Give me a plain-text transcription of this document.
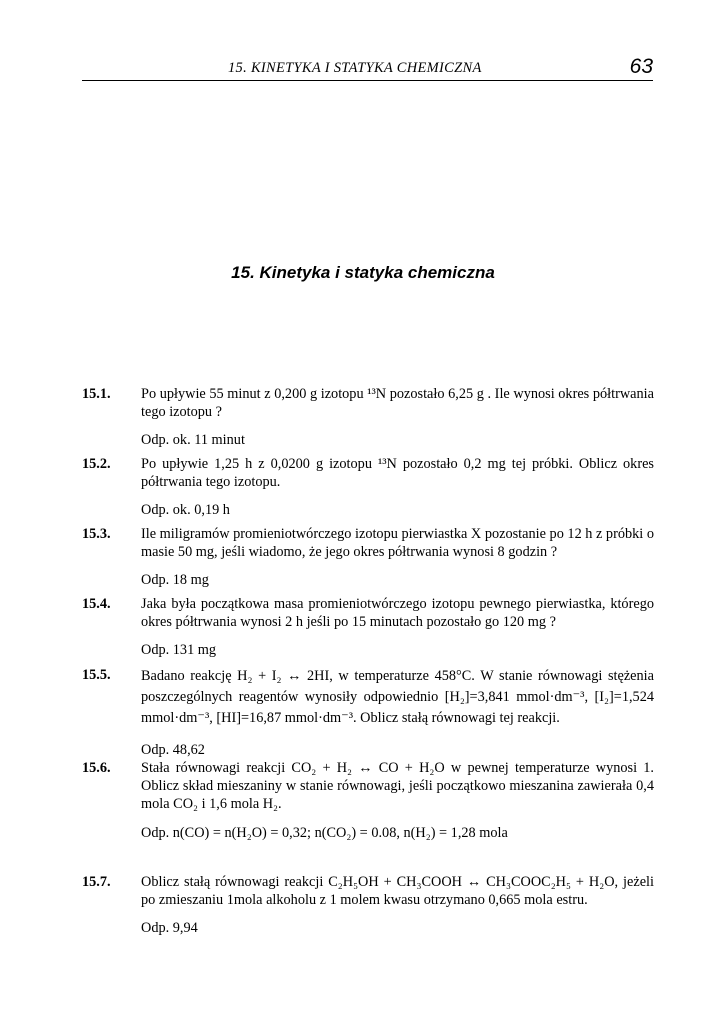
15. KINETYKA I STATYKA CHEMICZNA	63
15. Kinetyka i statyka chemiczna
15.1. Po upływie 55 minut z 0,200 g izotopu ¹³N pozostało 6,25 g . Ile wynosi okres półtrwania tego izotopu ?
Odp. ok. 11 minut
15.2. Po upływie 1,25 h z 0,0200 g izotopu ¹³N pozostało 0,2 mg tej próbki. Oblicz okres półtrwania tego izotopu.
Odp. ok. 0,19 h
15.3. Ile miligramów promieniotwórczego izotopu pierwiastka X pozostanie po 12 h z próbki o masie 50 mg, jeśli wiadomo, że jego okres półtrwania wynosi 8 godzin ?
Odp. 18 mg
15.4. Jaka była początkowa masa promieniotwórczego izotopu pewnego pierwiastka, którego okres półtrwania wynosi 2 h jeśli po 15 minutach pozostało go 120 mg ?
Odp. 131 mg
15.5. Badano reakcję H₂ + I₂ ↔ 2HI, w temperaturze 458°C. W stanie równowagi stężenia poszczególnych reagentów wynosiły odpowiednio [H₂]=3,841 mmol·dm⁻³, [I₂]=1,524 mmol·dm⁻³, [HI]=16,87 mmol·dm⁻³. Oblicz stałą równowagi tej reakcji.
Odp. 48,62
15.6. Stała równowagi reakcji CO₂ + H₂ ↔ CO + H₂O w pewnej temperaturze wynosi 1. Oblicz skład mieszaniny w stanie równowagi, jeśli początkowo mieszanina zawierała 0,4 mola CO₂ i 1,6 mola H₂.
Odp. n(CO) = n(H₂O) = 0,32; n(CO₂) = 0.08, n(H₂) = 1,28 mola
15.7. Oblicz stałą równowagi reakcji C₂H₅OH + CH₃COOH ↔ CH₃COOC₂H₅ + H₂O, jeżeli po zmieszaniu 1mola alkoholu z 1 molem kwasu otrzymano 0,665 mola estru.
Odp. 9,94
